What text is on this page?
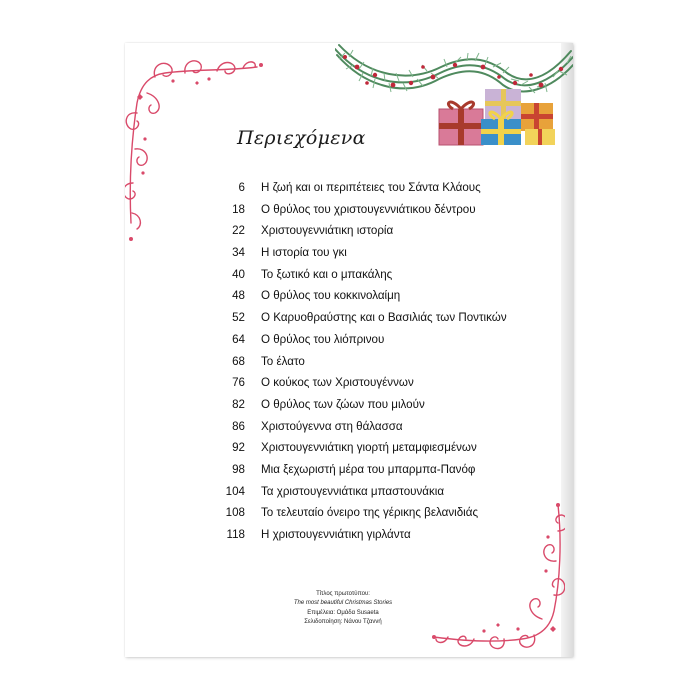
Περιεχόμενα
6 Η ζωή και οι περιπέτειες του Σάντα Κλάους
18 Ο θρύλος του χριστουγεννιάτικου δέντρου
22 Χριστουγεννιάτικη ιστορία
34 Η ιστορία του γκι
40 Το ξωτικό και ο μπακάλης
48 Ο θρύλος του κοκκινολαίμη
52 Ο Καρυοθραύστης και ο Βασιλιάς των Ποντικών
64 Ο θρύλος του λιόπρινου
68 Το έλατο
76 Ο κούκος των Χριστουγέννων
82 Ο θρύλος των ζώων που μιλούν
86 Χριστούγεννα στη θάλασσα
92 Χριστουγεννιάτικη γιορτή μεταμφιεσμένων
98 Μια ξεχωριστή μέρα του μπαρμπα-Πανόφ
104 Τα χριστουγεννιάτικα μπαστουνάκια
108 Το τελευταίο όνειρο της γέρικης βελανιδιάς
118 Η χριστουγεννιάτικη γιρλάντα
Τίτλος πρωτοτύπου:
The most beautiful Christmas Stories
Επιμέλεια: Ομάδα Susaeta
Σελιδοποίηση: Νάνου Τζαννή
